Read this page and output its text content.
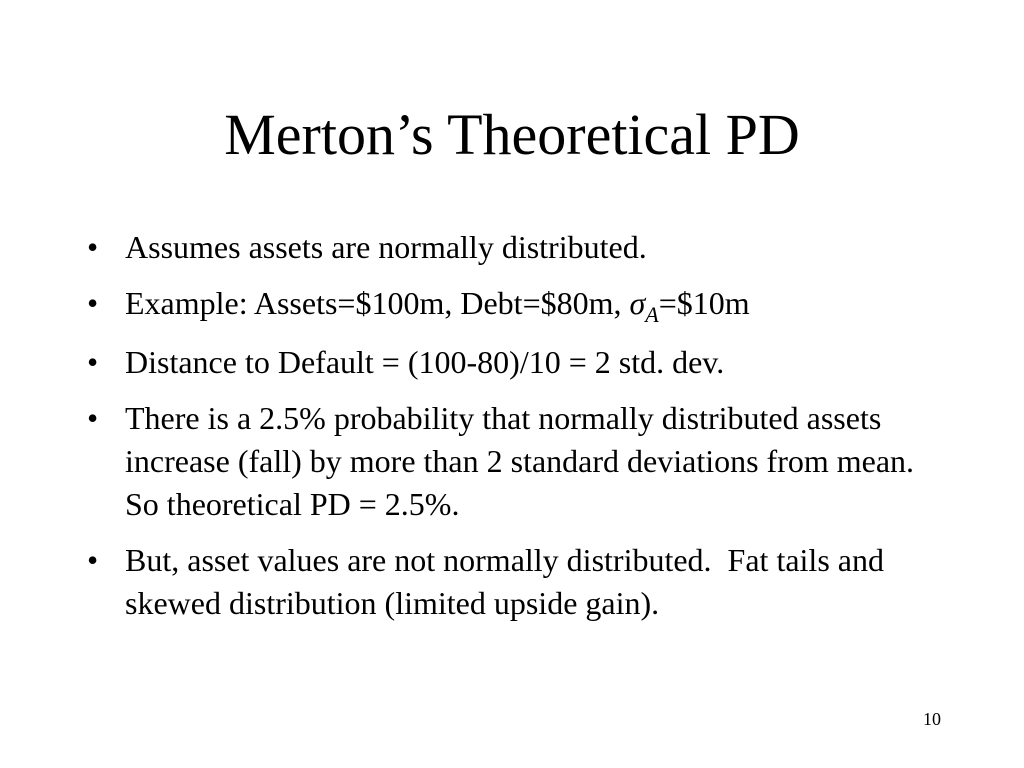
Merton’s Theoretical PD
• Assumes assets are normally distributed.
• Example: Assets=$100m, Debt=$80m, $\sigma_A=\$10m$
• Distance to Default = (100-80)/10 = 2 std. dev.
• There is a 2.5% probability that normally distributed assets increase (fall) by more than 2 standard deviations from mean.  So theoretical PD = 2.5%.
• But, asset values are not normally distributed.  Fat tails and skewed distribution (limited upside gain).
10
